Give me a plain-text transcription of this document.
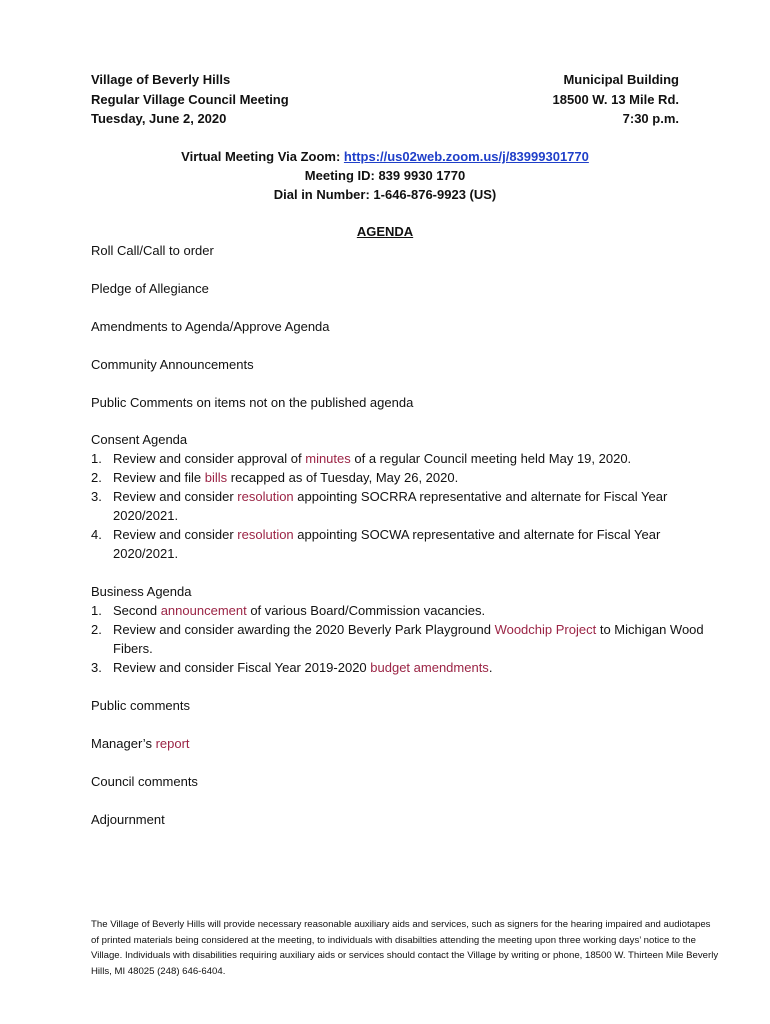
Village of Beverly Hills
Regular Village Council Meeting
Tuesday, June 2, 2020
Municipal Building
18500 W. 13 Mile Rd.
7:30 p.m.
Virtual Meeting Via Zoom: https://us02web.zoom.us/j/83999301770
Meeting ID: 839 9930 1770
Dial in Number: 1-646-876-9923 (US)
AGENDA
Roll Call/Call to order
Pledge of Allegiance
Amendments to Agenda/Approve Agenda
Community Announcements
Public Comments on items not on the published agenda

Consent Agenda

1. Review and consider approval of minutes of a regular Council meeting held May 19, 2020.
2. Review and file bills recapped as of Tuesday, May 26, 2020.
3. Review and consider resolution appointing SOCRRA representative and alternate for Fiscal Year 2020/2021.
4. Review and consider resolution appointing SOCWA representative and alternate for Fiscal Year 2020/2021.

Business Agenda

1. Second announcement of various Board/Commission vacancies.
2. Review and consider awarding the 2020 Beverly Park Playground Woodchip Project to Michigan Wood Fibers.
3. Review and consider Fiscal Year 2019-2020 budget amendments.
Public comments
Manager’s report
Council comments
Adjournment
The Village of Beverly Hills will provide necessary reasonable auxiliary aids and services, such as signers for the hearing impaired and audiotapes of printed materials being considered at the meeting, to individuals with disabilties attending the meeting upon three working days’ notice to the Village. Individuals with disabilities requiring auxiliary aids or services should contact the Village by writing or phone, 18500 W. Thirteen Mile Beverly Hills, MI 48025 (248) 646-6404.
